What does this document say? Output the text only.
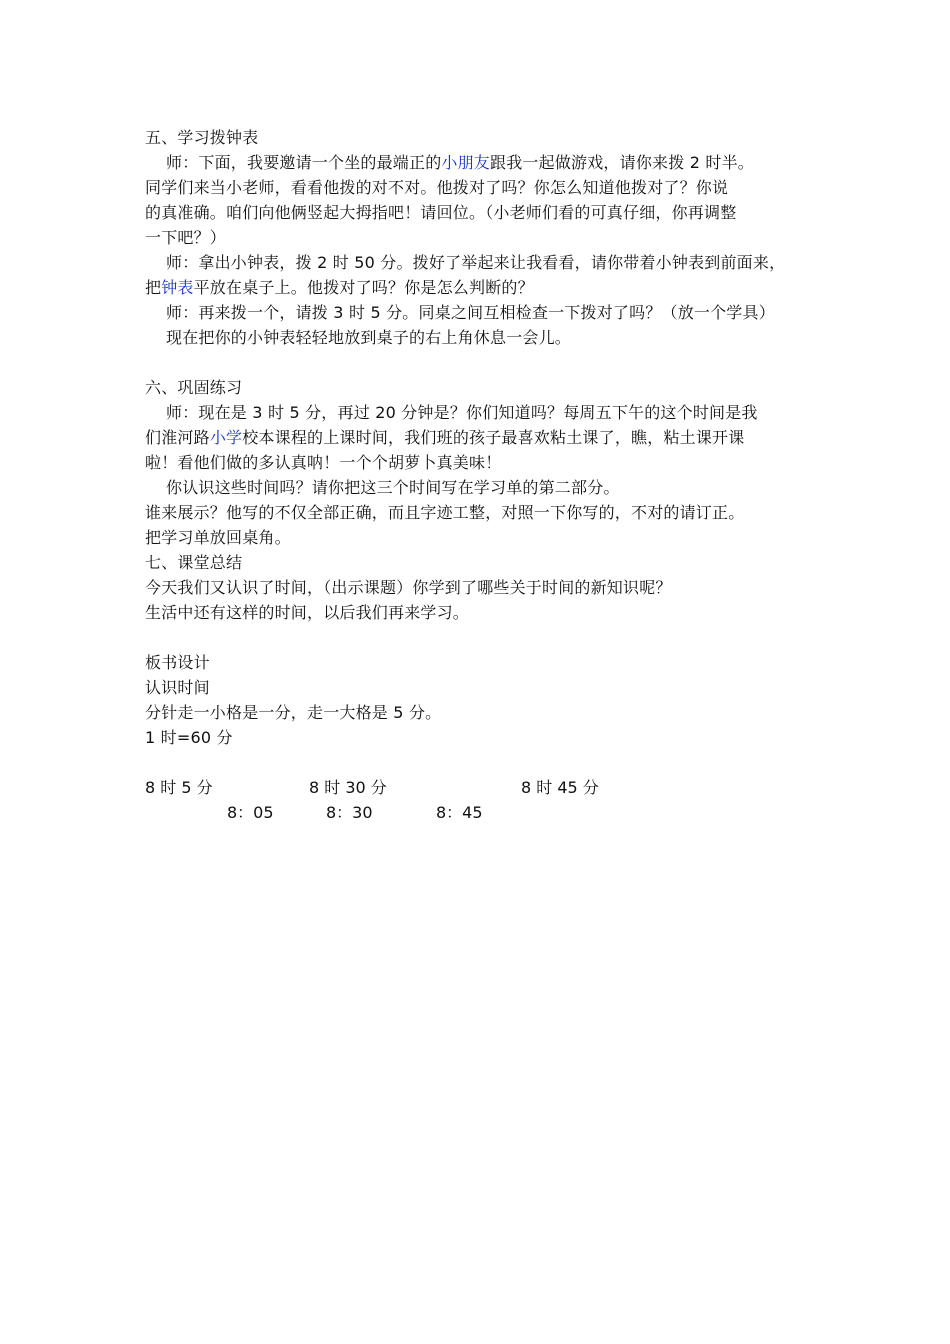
五、学习拨钟表
师：下面，我要邀请一个坐的最端正的小朋友跟我一起做游戏，请你来拨 2 时半。
同学们来当小老师，看看他拨的对不对。他拨对了吗？你怎么知道他拨对了？你说
的真准确。咱们向他俩竖起大拇指吧！请回位。（小老师们看的可真仔细，你再调整
一下吧？）
师：拿出小钟表，拨 2 时 50 分。拨好了举起来让我看看，请你带着小钟表到前面来，
把钟表平放在桌子上。他拨对了吗？你是怎么判断的？
师：再来拨一个，请拨 3 时 5 分。同桌之间互相检查一下拨对了吗？（放一个学具）
现在把你的小钟表轻轻地放到桌子的右上角休息一会儿。
六、巩固练习
师：现在是 3 时 5 分，再过 20 分钟是？你们知道吗？每周五下午的这个时间是我
们淮河路小学校本课程的上课时间，我们班的孩子最喜欢粘土课了，瞧，粘土课开课
啦！看他们做的多认真呐！一个个胡萝卜真美味！
你认识这些时间吗？请你把这三个时间写在学习单的第二部分。
谁来展示？他写的不仅全部正确，而且字迹工整，对照一下你写的，不对的请订正。
把学习单放回桌角。
七、课堂总结
今天我们又认识了时间，（出示课题）你学到了哪些关于时间的新知识呢？
生活中还有这样的时间，以后我们再来学习。
板书设计
认识时间
分针走一小格是一分，走一大格是 5 分。
1 时=60 分
8 时 5 分	8 时 30 分	8 时 45 分
8：05	8：30	8：45
